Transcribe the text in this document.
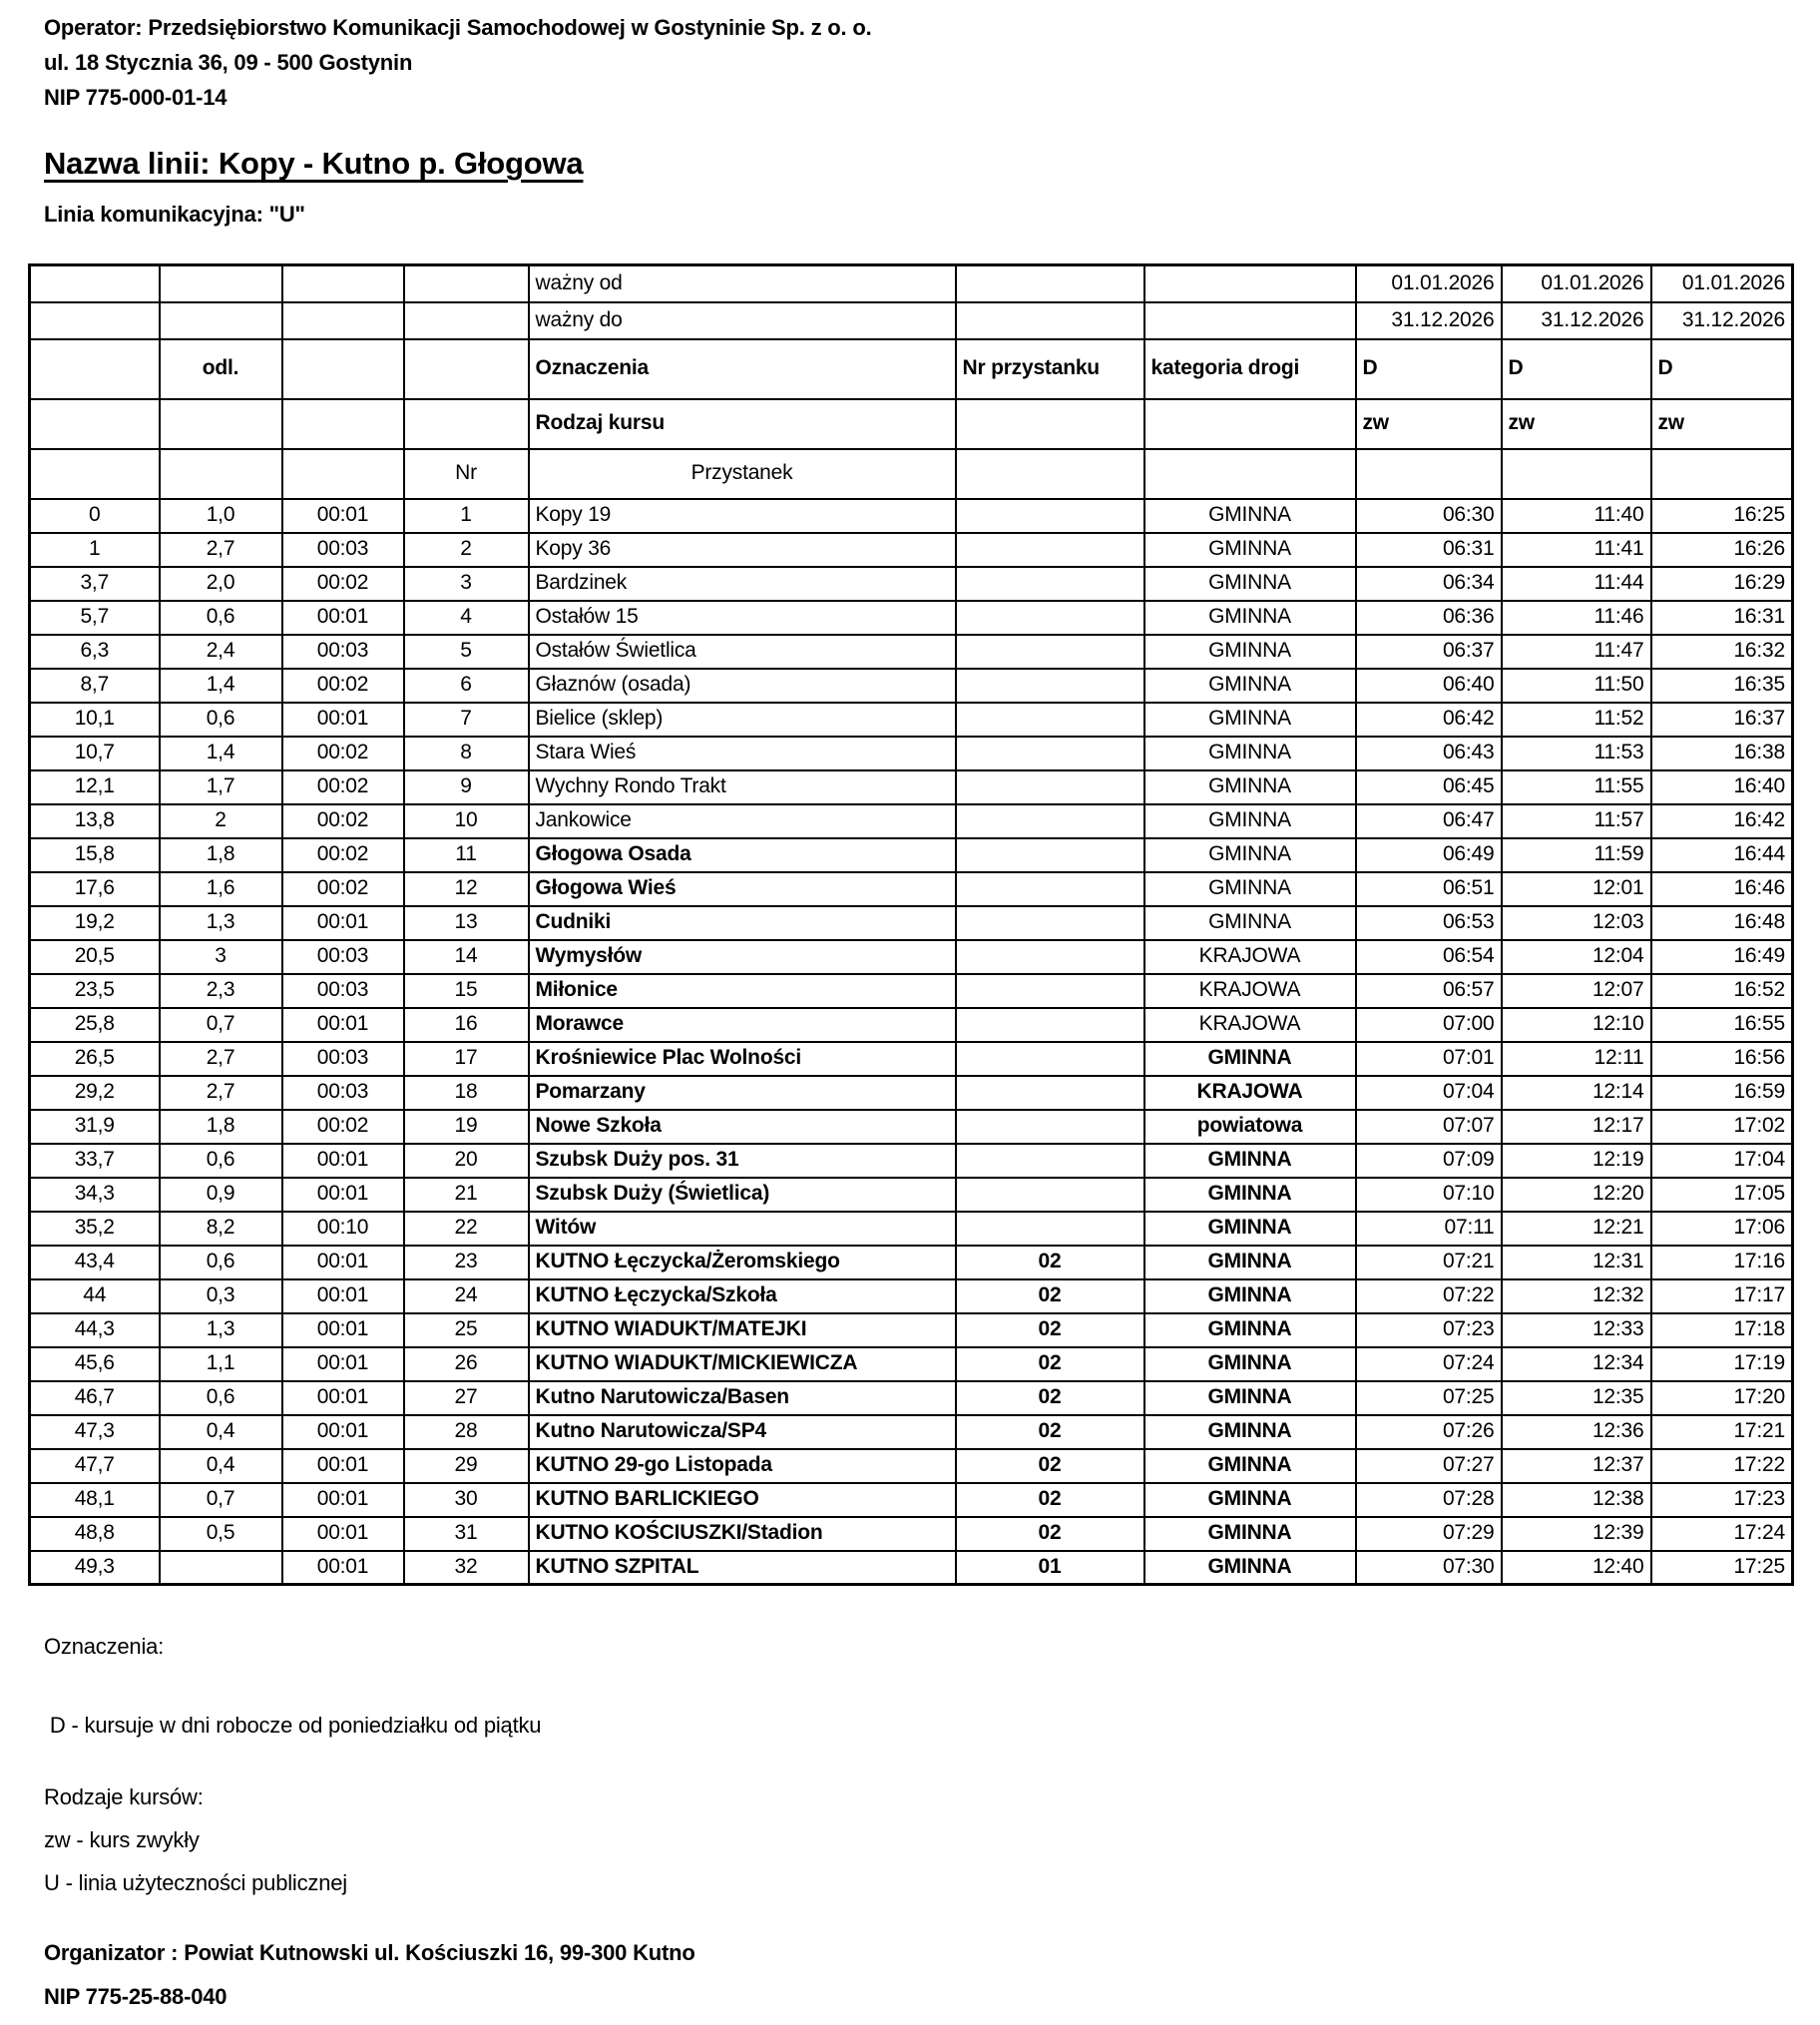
Operator: Przedsiębiorstwo Komunikacji Samochodowej w Gostyninie Sp. z o. o.
ul. 18 Stycznia 36, 09 - 500 Gostynin
NIP 775-000-01-14
Nazwa linii: Kopy - Kutno p. Głogowa
Linia komunikacyjna: "U"
				ważny od			01.01.2026	01.01.2026	01.01.2026
				ważny do			31.12.2026	31.12.2026	31.12.2026
	odl.			Oznaczenia	Nr przystanku	kategoria drogi	D	D	D
				Rodzaj kursu			zw	zw	zw
			Nr	Przystanek					
0	1,0	00:01	1	Kopy 19		GMINNA	06:30	11:40	16:25
1	2,7	00:03	2	Kopy 36		GMINNA	06:31	11:41	16:26
3,7	2,0	00:02	3	Bardzinek		GMINNA	06:34	11:44	16:29
5,7	0,6	00:01	4	Ostałów 15		GMINNA	06:36	11:46	16:31
6,3	2,4	00:03	5	Ostałów Świetlica		GMINNA	06:37	11:47	16:32
8,7	1,4	00:02	6	Głaznów (osada)		GMINNA	06:40	11:50	16:35
10,1	0,6	00:01	7	Bielice (sklep)		GMINNA	06:42	11:52	16:37
10,7	1,4	00:02	8	Stara Wieś		GMINNA	06:43	11:53	16:38
12,1	1,7	00:02	9	Wychny Rondo Trakt		GMINNA	06:45	11:55	16:40
13,8	2	00:02	10	Jankowice		GMINNA	06:47	11:57	16:42
15,8	1,8	00:02	11	Głogowa Osada		GMINNA	06:49	11:59	16:44
17,6	1,6	00:02	12	Głogowa Wieś		GMINNA	06:51	12:01	16:46
19,2	1,3	00:01	13	Cudniki		GMINNA	06:53	12:03	16:48
20,5	3	00:03	14	Wymysłów		KRAJOWA	06:54	12:04	16:49
23,5	2,3	00:03	15	Miłonice		KRAJOWA	06:57	12:07	16:52
25,8	0,7	00:01	16	Morawce		KRAJOWA	07:00	12:10	16:55
26,5	2,7	00:03	17	Krośniewice Plac Wolności		GMINNA	07:01	12:11	16:56
29,2	2,7	00:03	18	Pomarzany		KRAJOWA	07:04	12:14	16:59
31,9	1,8	00:02	19	Nowe Szkoła		powiatowa	07:07	12:17	17:02
33,7	0,6	00:01	20	Szubsk Duży pos. 31		GMINNA	07:09	12:19	17:04
34,3	0,9	00:01	21	Szubsk Duży (Świetlica)		GMINNA	07:10	12:20	17:05
35,2	8,2	00:10	22	Witów		GMINNA	07:11	12:21	17:06
43,4	0,6	00:01	23	KUTNO Łęczycka/Żeromskiego	02	GMINNA	07:21	12:31	17:16
44	0,3	00:01	24	KUTNO Łęczycka/Szkoła	02	GMINNA	07:22	12:32	17:17
44,3	1,3	00:01	25	KUTNO WIADUKT/MATEJKI	02	GMINNA	07:23	12:33	17:18
45,6	1,1	00:01	26	KUTNO WIADUKT/MICKIEWICZA	02	GMINNA	07:24	12:34	17:19
46,7	0,6	00:01	27	Kutno Narutowicza/Basen	02	GMINNA	07:25	12:35	17:20
47,3	0,4	00:01	28	Kutno Narutowicza/SP4	02	GMINNA	07:26	12:36	17:21
47,7	0,4	00:01	29	KUTNO 29-go Listopada	02	GMINNA	07:27	12:37	17:22
48,1	0,7	00:01	30	KUTNO BARLICKIEGO	02	GMINNA	07:28	12:38	17:23
48,8	0,5	00:01	31	KUTNO KOŚCIUSZKI/Stadion	02	GMINNA	07:29	12:39	17:24
49,3		00:01	32	KUTNO SZPITAL	01	GMINNA	07:30	12:40	17:25
Oznaczenia:
D - kursuje w dni robocze od poniedziałku od piątku
Rodzaje kursów:
zw - kurs zwykły
U - linia użyteczności publicznej
Organizator : Powiat Kutnowski ul. Kościuszki 16, 99-300 Kutno
NIP 775-25-88-040
